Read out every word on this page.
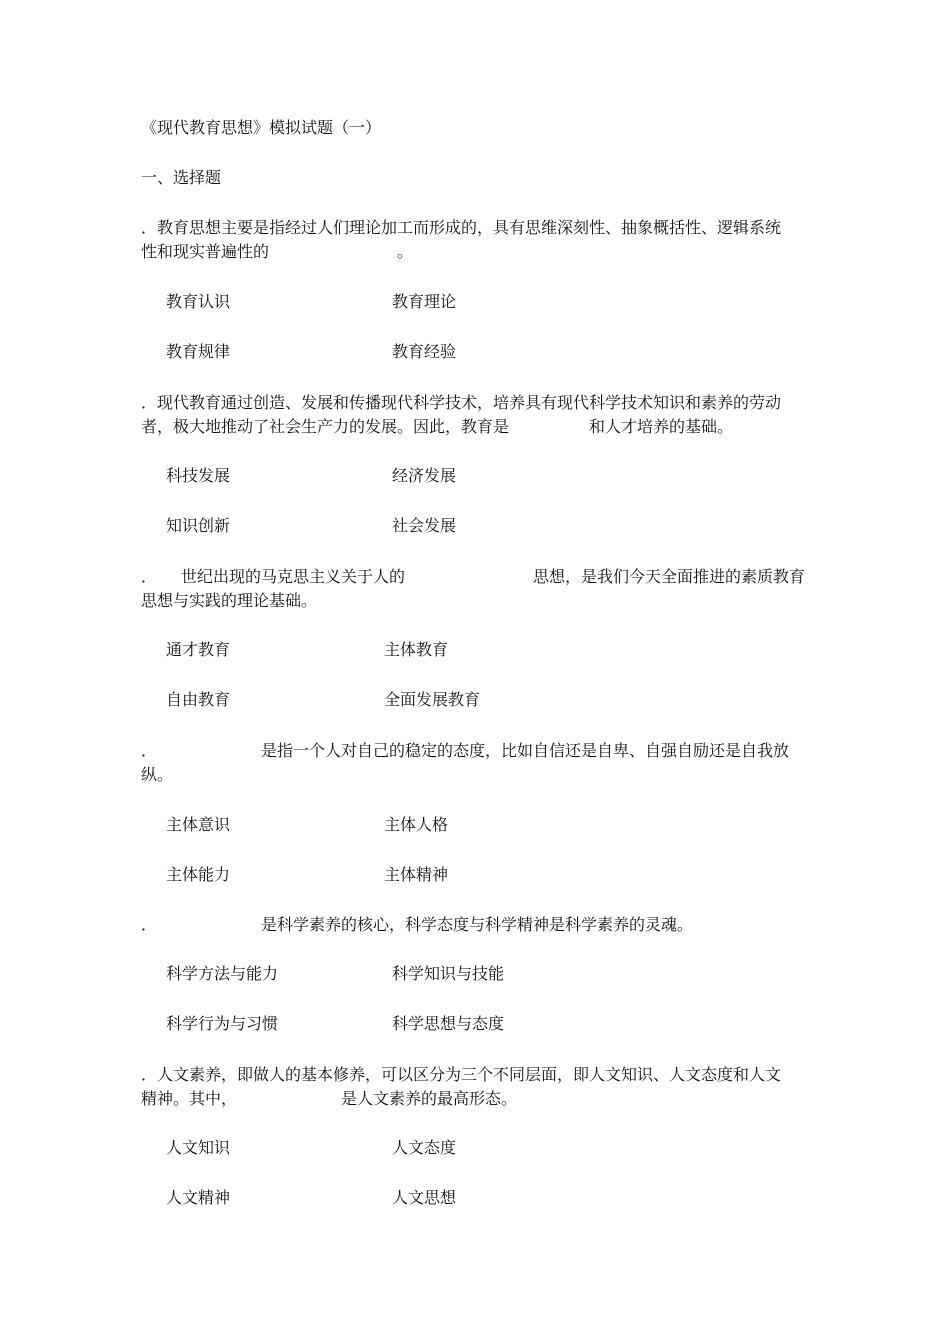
《现代教育思想》模拟试题（一）
一、选择题
．教育思想主要是指经过人们理论加工而形成的，具有思维深刻性、抽象概括性、逻辑系统
性和现实普遍性的　　　　　　　　。
教育认识	教育理论
教育规律	教育经验
．现代教育通过创造、发展和传播现代科学技术，培养具有现代科学技术知识和素养的劳动
者，极大地推动了社会生产力的发展。因此，教育是　　　　　和人才培养的基础。
科技发展	经济发展
知识创新	社会发展
．　　世纪出现的马克思主义关于人的　　　　　　　　思想，是我们今天全面推进的素质教育
思想与实践的理论基础。
通才教育	主体教育
自由教育	全面发展教育
．　　　　　　　是指一个人对自己的稳定的态度，比如自信还是自卑、自强自励还是自我放
纵。
主体意识	主体人格
主体能力	主体精神
．　　　　　　　是科学素养的核心，科学态度与科学精神是科学素养的灵魂。
科学方法与能力	科学知识与技能
科学行为与习惯	科学思想与态度
．人文素养，即做人的基本修养，可以区分为三个不同层面，即人文知识、人文态度和人文
精神。其中，　　　　　　　是人文素养的最高形态。
人文知识	人文态度
人文精神	人文思想
